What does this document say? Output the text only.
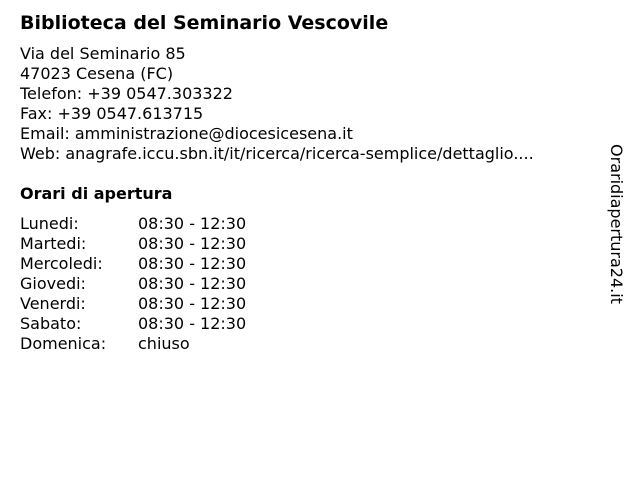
Biblioteca del Seminario Vescovile
Via del Seminario 85
47023 Cesena (FC)
Telefon: +39 0547.303322
Fax: +39 0547.613715
Email: amministrazione@diocesicesena.it
Web: anagrafe.iccu.sbn.it/it/ricerca/ricerca-semplice/dettaglio....
Orari di apertura
Lunedi:	08:30 - 12:30
Martedi:	08:30 - 12:30
Mercoledi:	08:30 - 12:30
Giovedi:	08:30 - 12:30
Venerdi:	08:30 - 12:30
Sabato:	08:30 - 12:30
Domenica:	chiuso
Oraridiapertura24.it
